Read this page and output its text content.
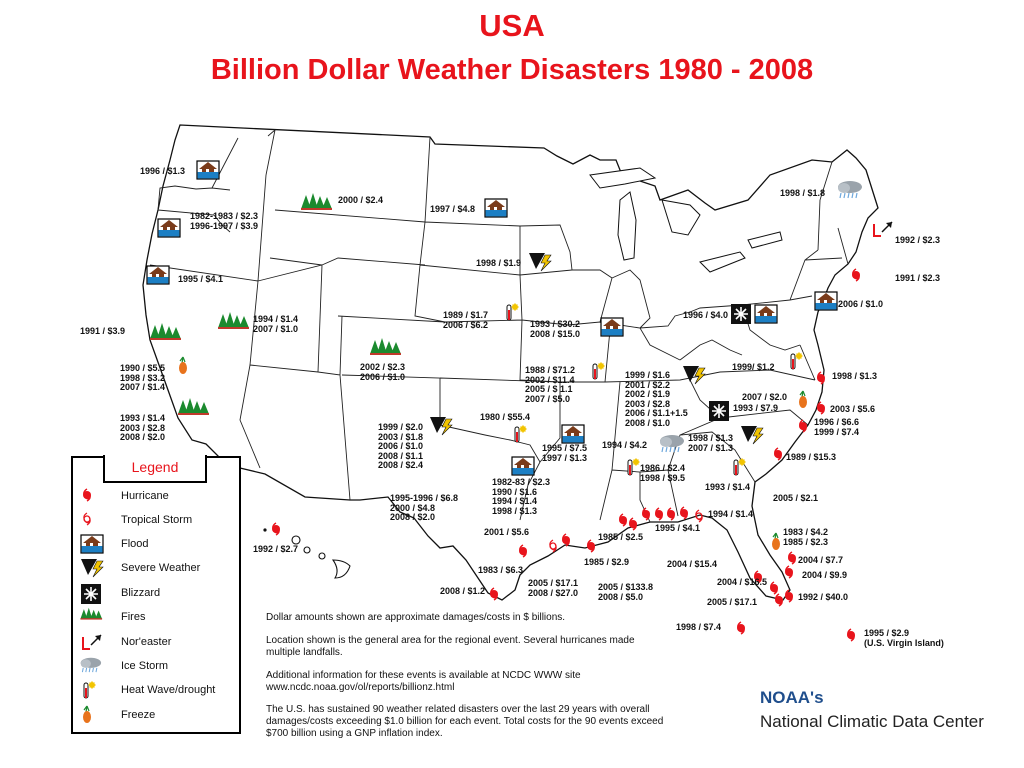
USA
Billion Dollar Weather Disasters 1980 - 2008
1996 / $1.3
2000 / $2.4
1997 / $4.8
1998 / $1.8
1992 / $2.3
1982-1983 / $2.3
1996-1997 / $3.9
1995 / $4.1
1998 / $1.9
1991 / $2.3
1994 / $1.4
2007 / $1.0
1991 / $3.9
1989 / $1.7
2006 / $6.2	1993 / $30.2
2008 / $15.0
1996 / $4.0
2006 / $1.0
1990 / $5.5
1998 / $3.2
2007 / $1.4
2002 / $2.3
2006 / $1.0
1988 / $71.2
2002 / $11.4
2005 / $ 1.1
2007 / $5.0
1999 / $1.6
2001 / $2.2
2002 / $1.9
2003 / $2.8
2006 / $1.1+1.5
2008 / $1.0
1999/ $1.2
1998 / $1.3
2007 / $2.0
1993 / $7.9	2003 / $5.6
1996 / $6.6
1999 / $7.4
1993 / $1.4
2003 / $2.8
2008 / $2.0
1999 / $2.0
2003 / $1.8
2006 / $1.0
2008 / $1.1
2008 / $2.4
1980 / $55.4
1995 / $7.5
1997 / $1.3
1994 / $4.2
1998 / $1.3
2007 / $1.3
1986 / $2.4
1998 / $9.5
1989 / $15.3
1982-83 / $2.3
1990 / $1.6
1994 / $1.4
1998 / $1.3
1993 / $1.4
1995-1996 / $6.8
2000 / $4.8
2008 / $2.0
2005 / $2.1
1995 / $4.1
1994 / $1.4
1992 / $2.7
2001 / $5.6	1985 / $2.5	1983 / $4.2
1985 / $2.3
2004 / $7.7
1985 / $2.9	2004 / $15.4
2004 / $9.9
1983 / $6.3
2005 / $17.1
2008 / $27.0
2005 / $133.8
2008 / $5.0
2004 / $16.5
2008 / $1.2
1992 / $40.0
2005 / $17.1
1998 / $7.4
1995 / $2.9
(U.S. Virgin Island)
Legend
Hurricane
Tropical Storm
Flood
Severe Weather
Blizzard
Fires
Nor'easter
Ice Storm
Heat Wave/drought
Freeze
Dollar amounts shown are approximate damages/costs in $ billions.
Location shown is the general area for the regional event. Several hurricanes made multiple landfalls.
Additional information for these events is available at NCDC WWW site www.ncdc.noaa.gov/ol/reports/billionz.html
The U.S. has sustained 90 weather related disasters over the last 29 years with overall damages/costs exceeding $1.0 billion for each event. Total costs for the 90 events exceed $700 billion using a GNP inflation index.
NOAA's
National Climatic Data Center
